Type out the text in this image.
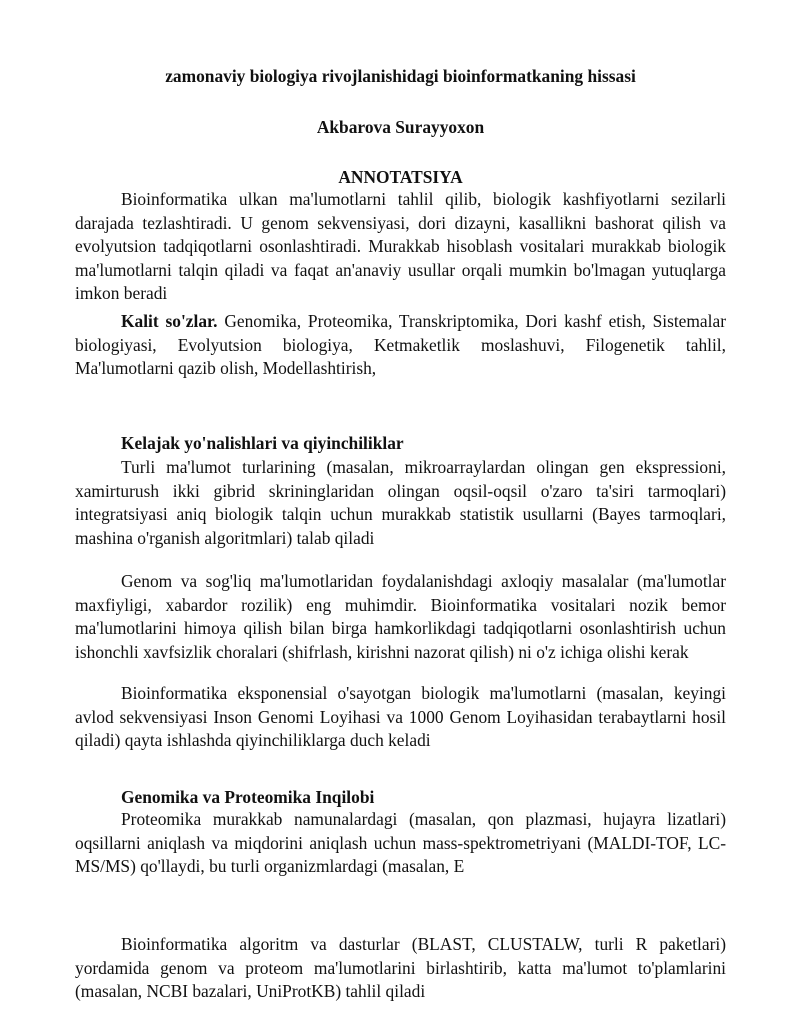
zamonaviy biologiya rivojlanishidagi bioinformatkaning hissasi

Akbarova Surayyoxon

ANNOTATSIYA

Bioinformatika ulkan ma'lumotlarni tahlil qilib, biologik kashfiyotlarni sezilarli darajada tezlashtiradi. U genom sekvensiyasi, dori dizayni, kasallikni bashorat qilish va evolyutsion tadqiqotlarni osonlashtiradi. Murakkab hisoblash vositalari murakkab biologik ma'lumotlarni talqin qiladi va faqat an'anaviy usullar orqali mumkin bo'lmagan yutuqlarga imkon beradi

Kalit so'zlar. Genomika, Proteomika, Transkriptomika, Dori kashf etish, Sistemalar biologiyasi, Evolyutsion biologiya, Ketmaketlik moslashuvi, Filogenetik tahlil, Ma'lumotlarni qazib olish, Modellashtirish,

Kelajak yo'nalishlari va qiyinchiliklar

Turli ma'lumot turlarining (masalan, mikroarraylardan olingan gen ekspressioni, xamirturush ikki gibrid skrininglaridan olingan oqsil-oqsil o'zaro ta'siri tarmoqlari) integratsiyasi aniq biologik talqin uchun murakkab statistik usullarni (Bayes tarmoqlari, mashina o'rganish algoritmlari) talab qiladi

Genom va sog'liq ma'lumotlaridan foydalanishdagi axloqiy masalalar (ma'lumotlar maxfiyligi, xabardor rozilik) eng muhimdir. Bioinformatika vositalari nozik bemor ma'lumotlarini himoya qilish bilan birga hamkorlikdagi tadqiqotlarni osonlashtirish uchun ishonchli xavfsizlik choralari (shifrlash, kirishni nazorat qilish) ni o'z ichiga olishi kerak

Bioinformatika eksponensial o'sayotgan biologik ma'lumotlarni (masalan, keyingi avlod sekvensiyasi Inson Genomi Loyihasi va 1000 Genom Loyihasidan terabaytlarni hosil qiladi) qayta ishlashda qiyinchiliklarga duch keladi

Genomika va Proteomika Inqilobi

Proteomika murakkab namunalardagi (masalan, qon plazmasi, hujayra lizatlari) oqsillarni aniqlash va miqdorini aniqlash uchun mass-spektrometriyani (MALDI-TOF, LC-MS/MS) qo'llaydi, bu turli organizmlardagi (masalan, E

Bioinformatika algoritm va dasturlar (BLAST, CLUSTALW, turli R paketlari) yordamida genom va proteom ma'lumotlarini birlashtirib, katta ma'lumot to'plamlarini (masalan, NCBI bazalari, UniProtKB) tahlil qiladi
